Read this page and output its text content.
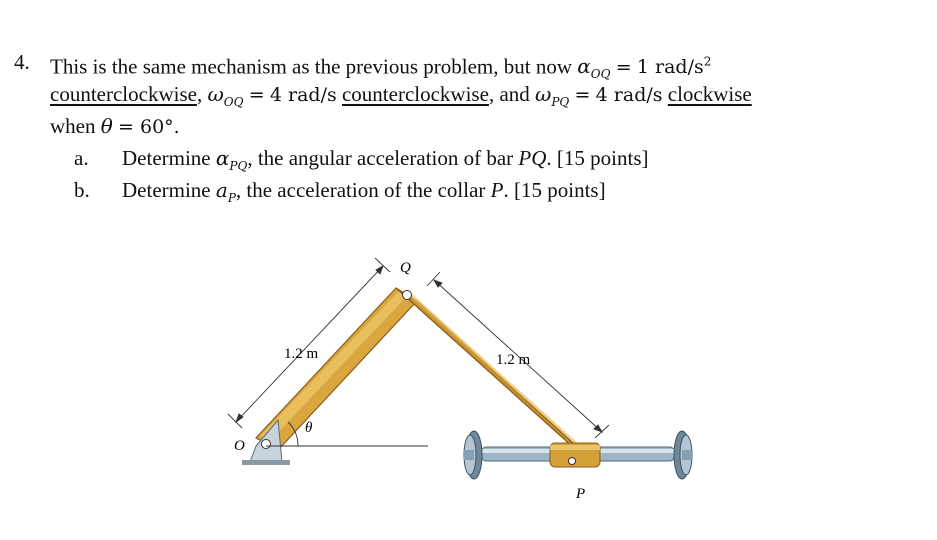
4. This is the same mechanism as the previous problem, but now $\alpha_{OQ} = 1$ rad/$s^2$
counterclockwise, $\omega_{OQ} = 4$ rad/s counterclockwise, and $\omega_{PQ} = 4$ rad/s clockwise
when θ = 60°.
a. Determine $\alpha_{PQ}$, the angular acceleration of bar PQ. [15 points]
b. Determine $a_P$, the acceleration of the collar P. [15 points]
O
Q
P
θ
1.2 m	1.2 m
